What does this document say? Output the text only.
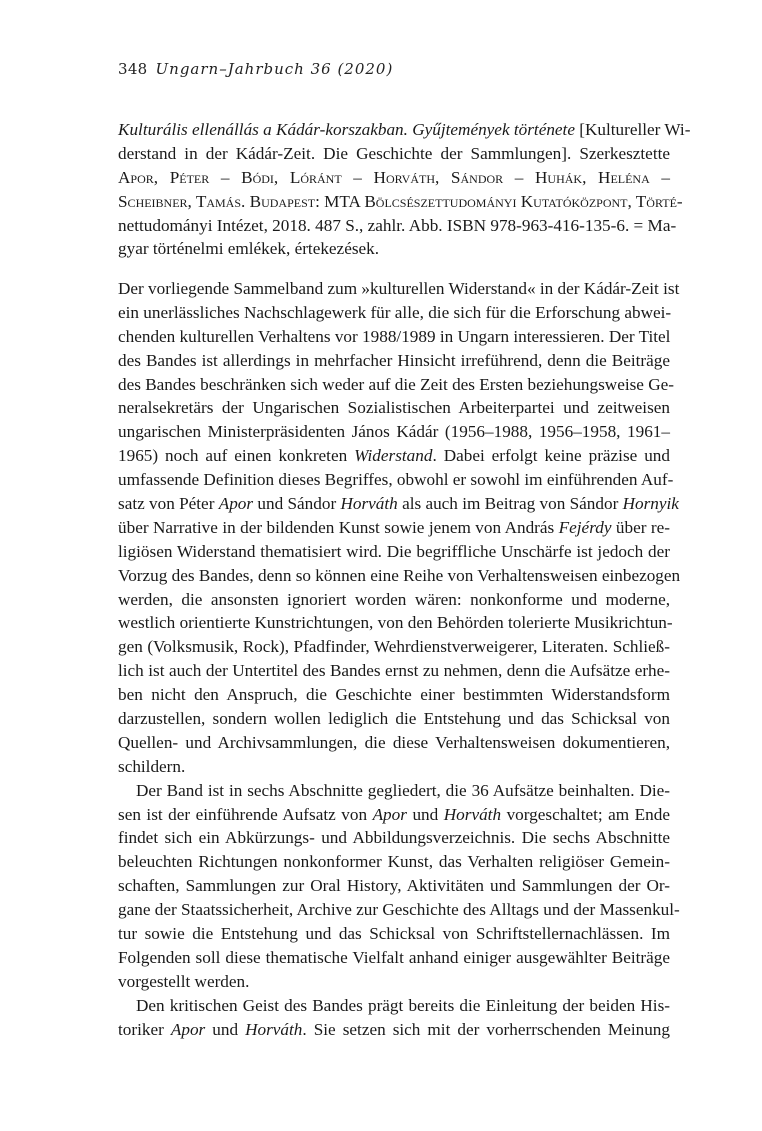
348 Ungarn–Jahrbuch 36 (2020)
Kulturális ellenállás a Kádár-korszakban. Gyűjtemények története [Kultureller Wi-
derstand in der Kádár-Zeit. Die Geschichte der Sammlungen]. Szerkesztette
Apor, Péter – Bódi, Lóránt – Horváth, Sándor – Huhák, Heléna –
Scheibner, Tamás. Budapest: MTA Bölcsészettudományi Kutatóközpont, Törté-
nettudományi Intézet, 2018. 487 S., zahlr. Abb. ISBN 978-963-416-135-6. = Ma-
gyar történelmi emlékek, értekezések.
Der vorliegende Sammelband zum »kulturellen Widerstand« in der Kádár-Zeit ist
ein unerlässliches Nachschlagewerk für alle, die sich für die Erforschung abwei-
chenden kulturellen Verhaltens vor 1988/1989 in Ungarn interessieren. Der Titel
des Bandes ist allerdings in mehrfacher Hinsicht irreführend, denn die Beiträge
des Bandes beschränken sich weder auf die Zeit des Ersten beziehungsweise Ge-
neralsekretärs der Ungarischen Sozialistischen Arbeiterpartei und zeitweisen
ungarischen Ministerpräsidenten János Kádár (1956–1988, 1956–1958, 1961–
1965) noch auf einen konkreten Widerstand. Dabei erfolgt keine präzise und
umfassende Definition dieses Begriffes, obwohl er sowohl im einführenden Auf-
satz von Péter Apor und Sándor Horváth als auch im Beitrag von Sándor Hornyik
über Narrative in der bildenden Kunst sowie jenem von András Fejérdy über re-
ligiösen Widerstand thematisiert wird. Die begriffliche Unschärfe ist jedoch der
Vorzug des Bandes, denn so können eine Reihe von Verhaltensweisen einbezogen
werden, die ansonsten ignoriert worden wären: nonkonforme und moderne,
westlich orientierte Kunstrichtungen, von den Behörden tolerierte Musikrichtun-
gen (Volksmusik, Rock), Pfadfinder, Wehrdienstverweigerer, Literaten. Schließ-
lich ist auch der Untertitel des Bandes ernst zu nehmen, denn die Aufsätze erhe-
ben nicht den Anspruch, die Geschichte einer bestimmten Widerstandsform
darzustellen, sondern wollen lediglich die Entstehung und das Schicksal von
Quellen- und Archivsammlungen, die diese Verhaltensweisen dokumentieren,
schildern.
Der Band ist in sechs Abschnitte gegliedert, die 36 Aufsätze beinhalten. Die-
sen ist der einführende Aufsatz von Apor und Horváth vorgeschaltet; am Ende
findet sich ein Abkürzungs- und Abbildungsverzeichnis. Die sechs Abschnitte
beleuchten Richtungen nonkonformer Kunst, das Verhalten religiöser Gemein-
schaften, Sammlungen zur Oral History, Aktivitäten und Sammlungen der Or-
gane der Staatssicherheit, Archive zur Geschichte des Alltags und der Massenkul-
tur sowie die Entstehung und das Schicksal von Schriftstellernachlässen. Im
Folgenden soll diese thematische Vielfalt anhand einiger ausgewählter Beiträge
vorgestellt werden.
Den kritischen Geist des Bandes prägt bereits die Einleitung der beiden His-
toriker Apor und Horváth. Sie setzen sich mit der vorherrschenden Meinung
